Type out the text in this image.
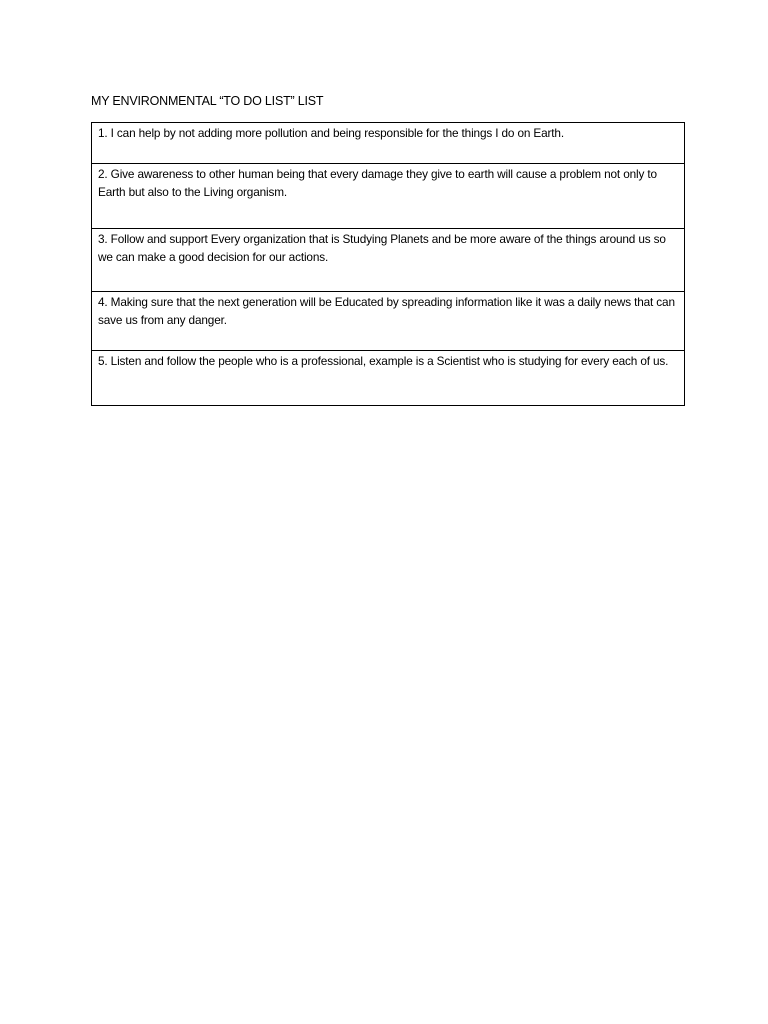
MY ENVIRONMENTAL “TO DO LIST” LIST
1. I can help by not adding more pollution and being responsible for the things I do on Earth.
2. Give awareness to other human being that every damage they give to earth will cause a problem not only to Earth but also to the Living organism.
3. Follow and support Every organization that is Studying Planets and be more aware of the things around us so we can make a good decision for our actions.
4. Making sure that the next generation will be Educated by spreading information like it was a daily news that can save us from any danger.
5. Listen and follow the people who is a professional, example is a Scientist who is studying for every each of us.
